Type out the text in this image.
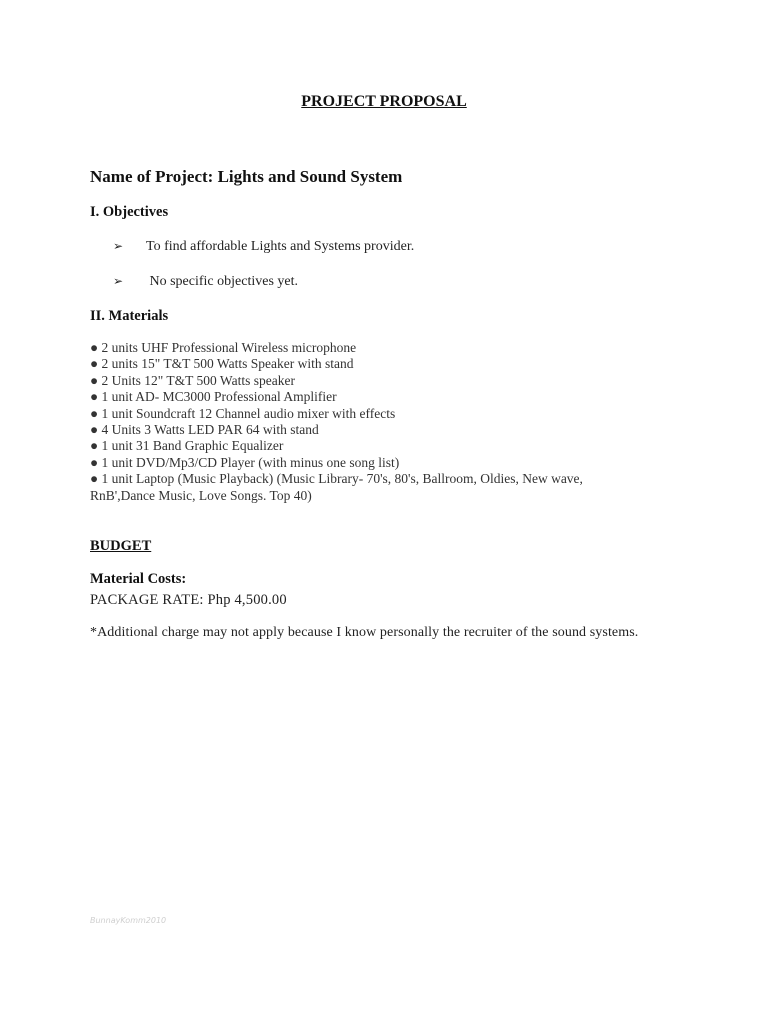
PROJECT PROPOSAL
Name of Project: Lights and Sound System
I. Objectives
➢ To find affordable Lights and Systems provider.
➢ No specific objectives yet.
II. Materials
● 2 units UHF Professional Wireless microphone
● 2 units 15" T&T 500 Watts Speaker with stand
● 2 Units 12" T&T 500 Watts speaker
● 1 unit AD- MC3000 Professional Amplifier
● 1 unit Soundcraft 12 Channel audio mixer with effects
● 4 Units 3 Watts LED PAR 64 with stand
● 1 unit 31 Band Graphic Equalizer
● 1 unit DVD/Mp3/CD Player (with minus one song list)
● 1 unit Laptop (Music Playback) (Music Library- 70's, 80's, Ballroom, Oldies, New wave, RnB',Dance Music, Love Songs. Top 40)
BUDGET
Material Costs:
PACKAGE RATE: Php 4,500.00
*Additional charge may not apply because I know personally the recruiter of the sound systems.
BunnayKomm2010
